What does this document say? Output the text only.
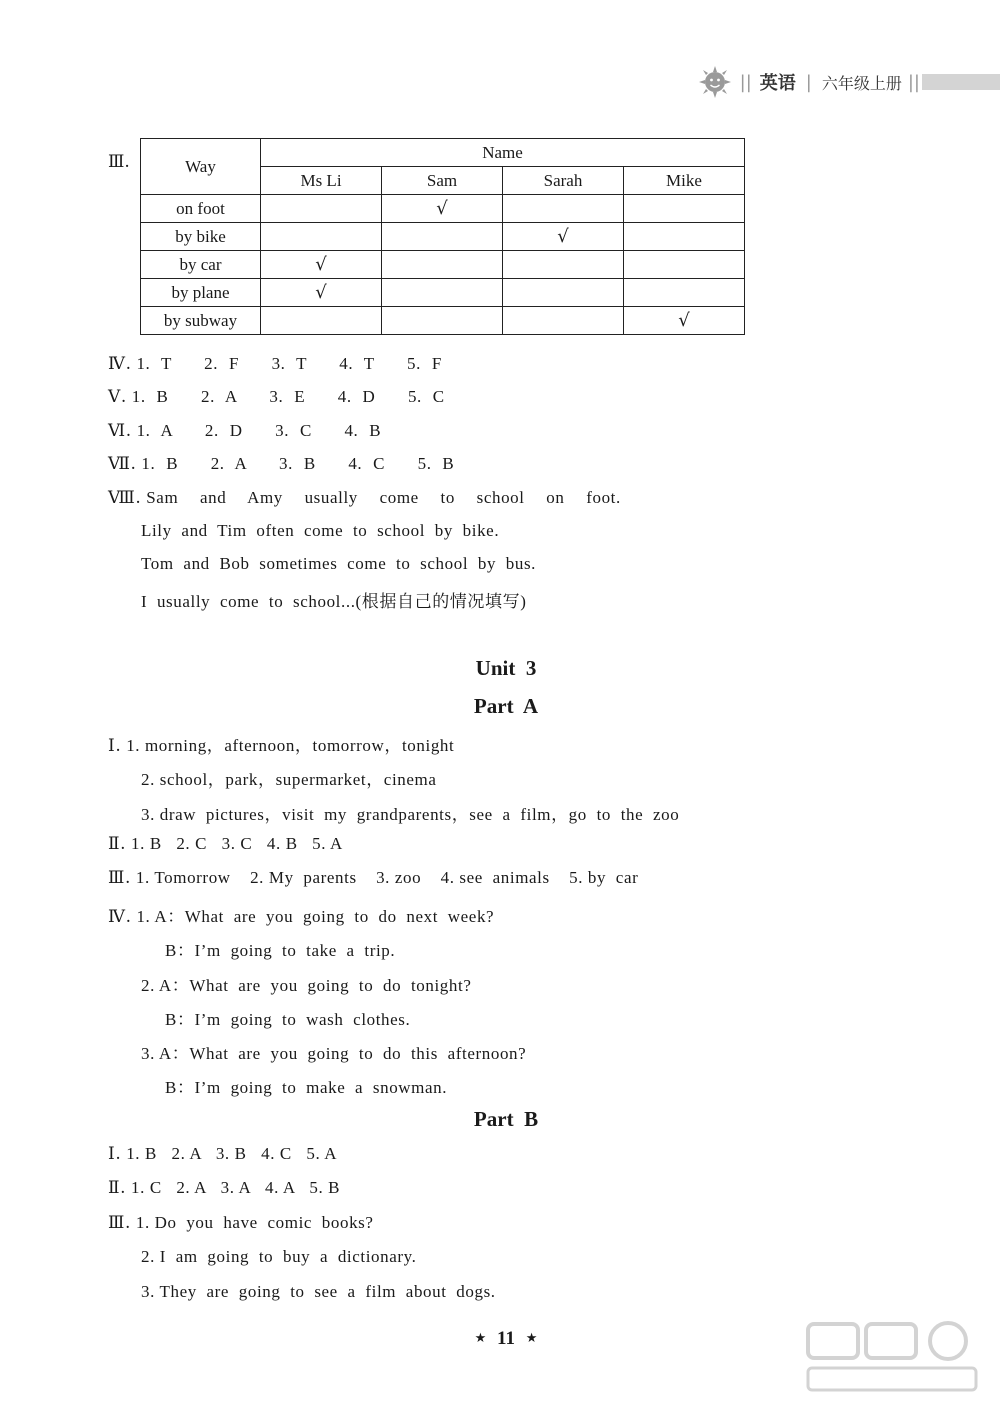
|| 英语 | 六年级上册 ||
Ⅲ.	Way	Name			
	Ms Li	Sam	Sarah	Mike
on foot		√		
by bike			√	
by car	√			
by plane	√			
by subway				√
Ⅳ. 1. T   2. F   3. T   4. T   5. F
Ⅴ. 1. B   2. A   3. E   4. D   5. C
Ⅵ. 1. A   2. D   3. C   4. B
Ⅶ. 1. B   2. A   3. B   4. C   5. B
Ⅷ. Sam  and  Amy  usually  come  to  school  on  foot.
Lily  and  Tim  often  come  to  school  by  bike.
Tom  and  Bob  sometimes  come  to  school  by  bus.
I  usually  come  to  school...(根据自己的情况填写)
Unit  3
Part  A
Ⅰ. 1. morning，afternoon，tomorrow，tonight
2. school，park，supermarket，cinema
3. draw  pictures，visit  my  grandparents，see  a  film，go  to  the  zoo
Ⅱ. 1. B   2. C   3. C   4. B   5. A
Ⅲ. 1. Tomorrow    2. My  parents    3. zoo    4. see  animals    5. by  car
Ⅳ. 1. A：What  are  you  going  to  do  next  week?
B：I’m  going  to  take  a  trip.
2. A：What  are  you  going  to  do  tonight?
B：I’m  going  to  wash  clothes.
3. A：What  are  you  going  to  do  this  afternoon?
B：I’m  going  to  make  a  snowman.
Part  B
Ⅰ. 1. B   2. A   3. B   4. C   5. A
Ⅱ. 1. C   2. A   3. A   4. A   5. B
Ⅲ. 1. Do  you  have  comic  books?
2. I  am  going  to  buy  a  dictionary.
3. They  are  going  to  see  a  film  about  dogs.
★ 11 ★
